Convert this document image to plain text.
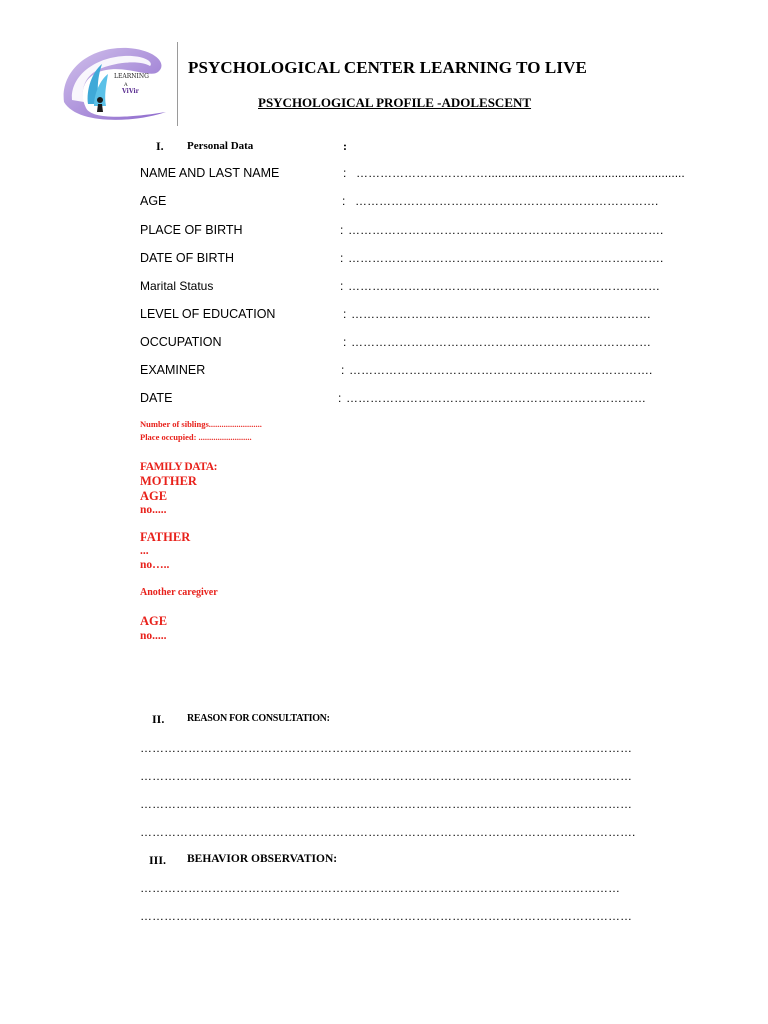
LEARNING
A
ViVir
PSYCHOLOGICAL CENTER LEARNING TO LIVE
PSYCHOLOGICAL PROFILE -ADOLESCENT
I. Personal Data	:
NAME AND LAST NAME	: ……………………………...........................................................
AGE	: ………………………………………………………………….
PLACE OF BIRTH	: …………………………………………………………………….
DATE OF BIRTH	: …………………………………………………………………….
Marital Status	: ……………………………………………………………………
LEVEL OF EDUCATION	: …………………………………………………………………
OCCUPATION	: …………………………………………………………………
EXAMINER	: ………………………………………………………………….
DATE	: …………………………………………………………………
Number of siblings.........................
Place occupied: .........................
FAMILY DATA:
MOTHER
AGE
no.....
FATHER
...
no…..
Another caregiver
AGE
no.....
II. REASON FOR CONSULTATION:
……………………………………………………………………………………………………………
……………………………………………………………………………………………………………
……………………………………………………………………………………………………………
…………………………………………………………………………………………………………….
III. BEHAVIOR OBSERVATION:
…………………………………………………………………………………………………………
……………………………………………………………………………………………………………
